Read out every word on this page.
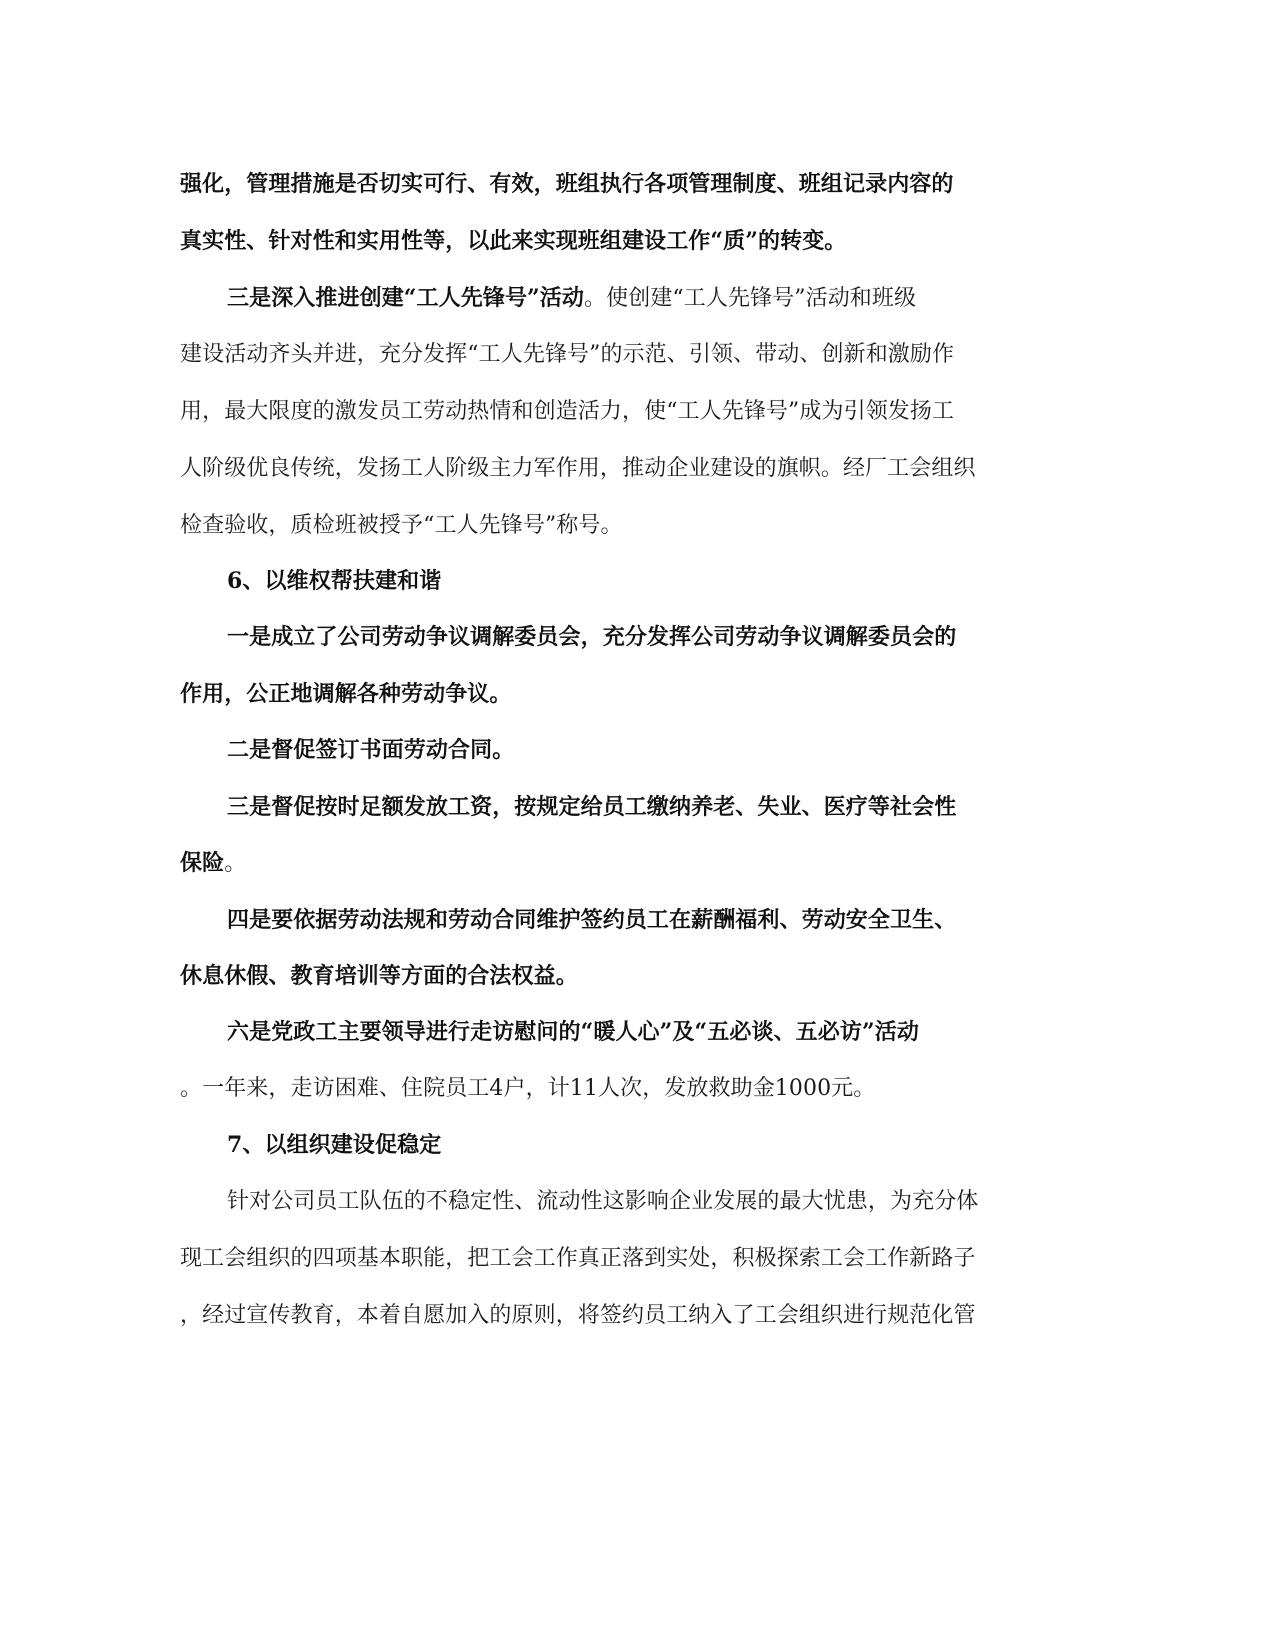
强化，管理措施是否切实可行、有效，班组执行各项管理制度、班组记录内容的
真实性、针对性和实用性等，以此来实现班组建设工作“质”的转变。
三是深入推进创建“工人先锋号”活动。使创建“工人先锋号”活动和班级
建设活动齐头并进，充分发挥“工人先锋号”的示范、引领、带动、创新和激励作
用，最大限度的激发员工劳动热情和创造活力，使“工人先锋号”成为引领发扬工
人阶级优良传统，发扬工人阶级主力军作用，推动企业建设的旗帜。经厂工会组织
检查验收，质检班被授予“工人先锋号”称号。
6、以维权帮扶建和谐
一是成立了公司劳动争议调解委员会，充分发挥公司劳动争议调解委员会的
作用，公正地调解各种劳动争议。
二是督促签订书面劳动合同。
三是督促按时足额发放工资，按规定给员工缴纳养老、失业、医疗等社会性
保险。
四是要依据劳动法规和劳动合同维护签约员工在薪酬福利、劳动安全卫生、
休息休假、教育培训等方面的合法权益。
六是党政工主要领导进行走访慰问的“暖人心”及“五必谈、五必访”活动
。一年来，走访困难、住院员工4户，计11人次，发放救助金1000元。
7、以组织建设促稳定
针对公司员工队伍的不稳定性、流动性这影响企业发展的最大忧患，为充分体
现工会组织的四项基本职能，把工会工作真正落到实处，积极探索工会工作新路子
，经过宣传教育，本着自愿加入的原则，将签约员工纳入了工会组织进行规范化管
